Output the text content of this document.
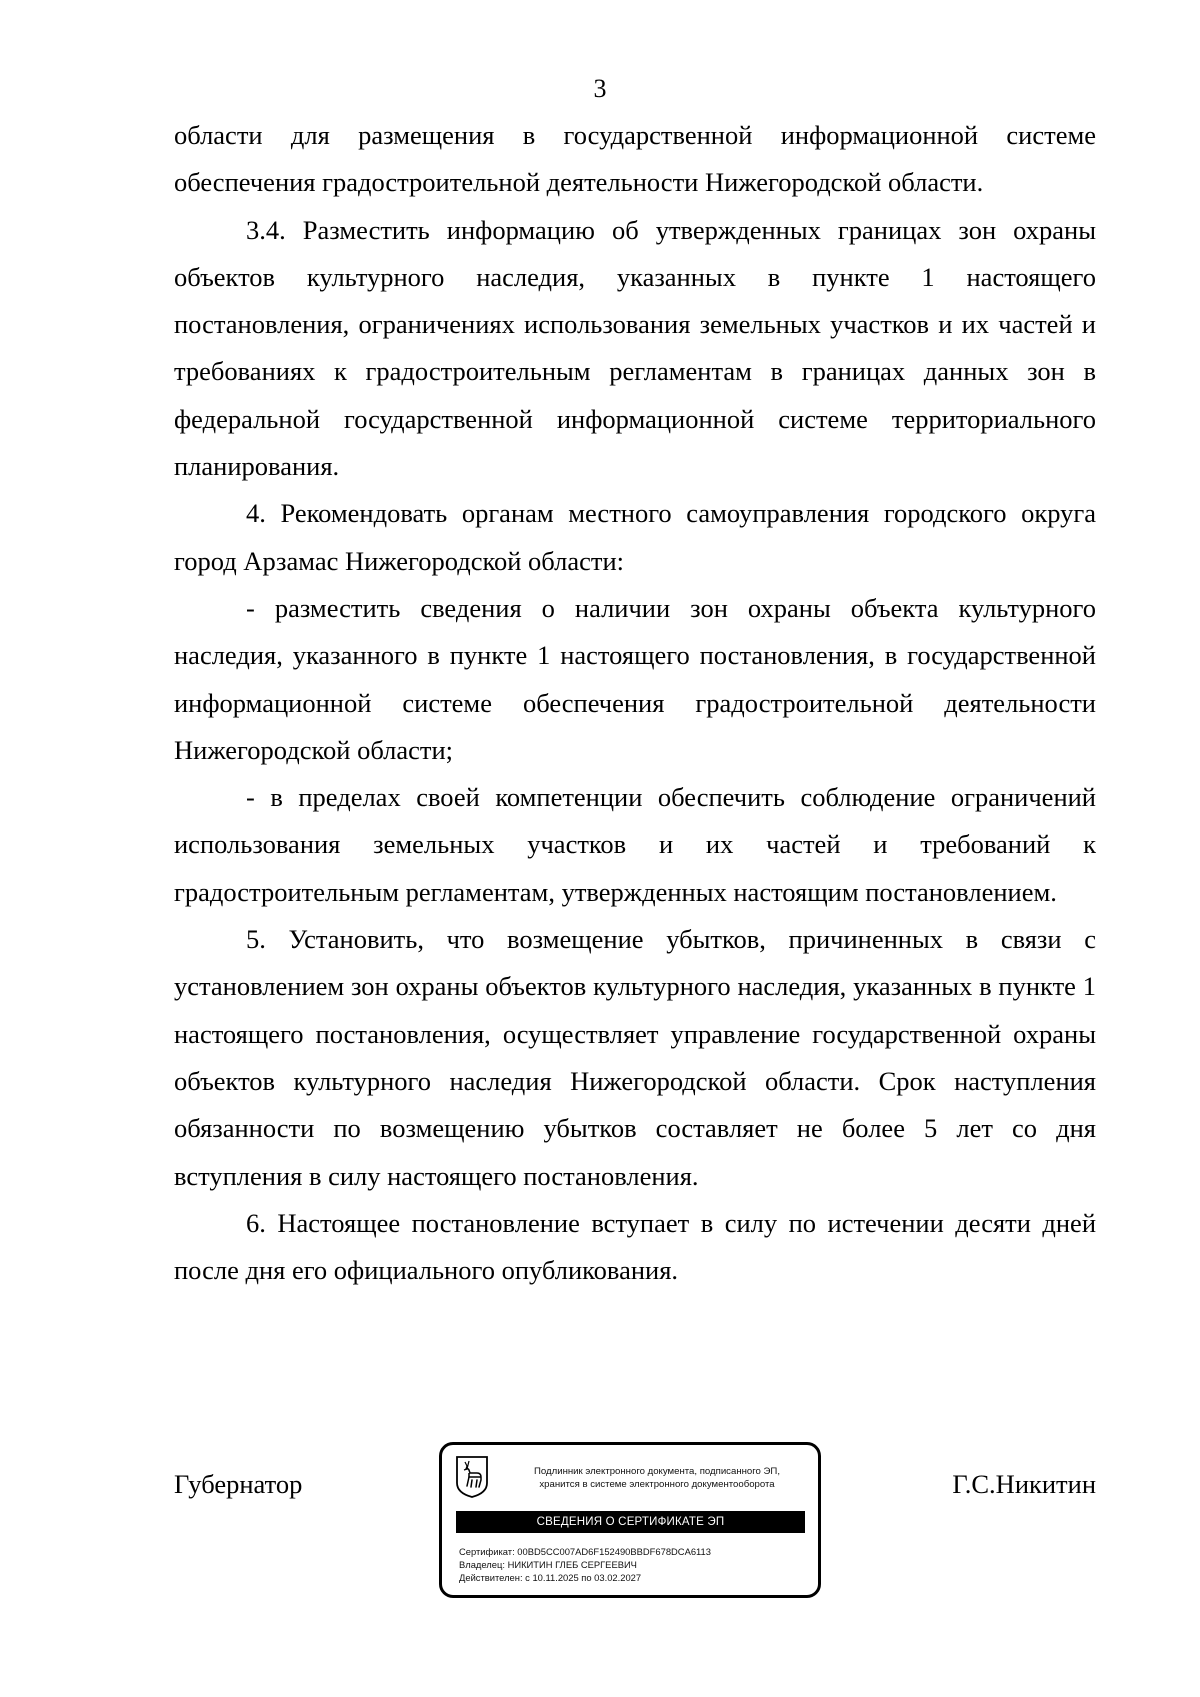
3

области для размещения в государственной информационной системе обеспечения градостроительной деятельности Нижегородской области.

3.4. Разместить информацию об утвержденных границах зон охраны объектов культурного наследия, указанных в пункте 1 настоящего постановления, ограничениях использования земельных участков и их частей и требованиях к градостроительным регламентам в границах данных зон в федеральной государственной информационной системе территориального планирования.

4. Рекомендовать органам местного самоуправления городского округа город Арзамас Нижегородской области:

- разместить сведения о наличии зон охраны объекта культурного наследия, указанного в пункте 1 настоящего постановления, в государственной информационной системе обеспечения градостроительной деятельности Нижегородской области;

- в пределах своей компетенции обеспечить соблюдение ограничений использования земельных участков и их частей и требований к градостроительным регламентам, утвержденных настоящим постановлением.

5. Установить, что возмещение убытков, причиненных в связи с установлением зон охраны объектов культурного наследия, указанных в пункте 1 настоящего постановления, осуществляет управление государственной охраны объектов культурного наследия Нижегородской области. Срок наступления обязанности по возмещению убытков составляет не более 5 лет со дня вступления в силу настоящего постановления.

6. Настоящее постановление вступает в силу по истечении десяти дней после дня его официального опубликования.

Губернатор	Г.С.Никитин
Подлинник электронного документа, подписанного ЭП,
хранится в системе электронного документооборота
СВЕДЕНИЯ О СЕРТИФИКАТЕ ЭП
Сертификат: 00BD5CC007AD6F152490BBDF678DCA6113
Владелец: НИКИТИН ГЛЕБ СЕРГЕЕВИЧ
Действителен: с 10.11.2025 по 03.02.2027
